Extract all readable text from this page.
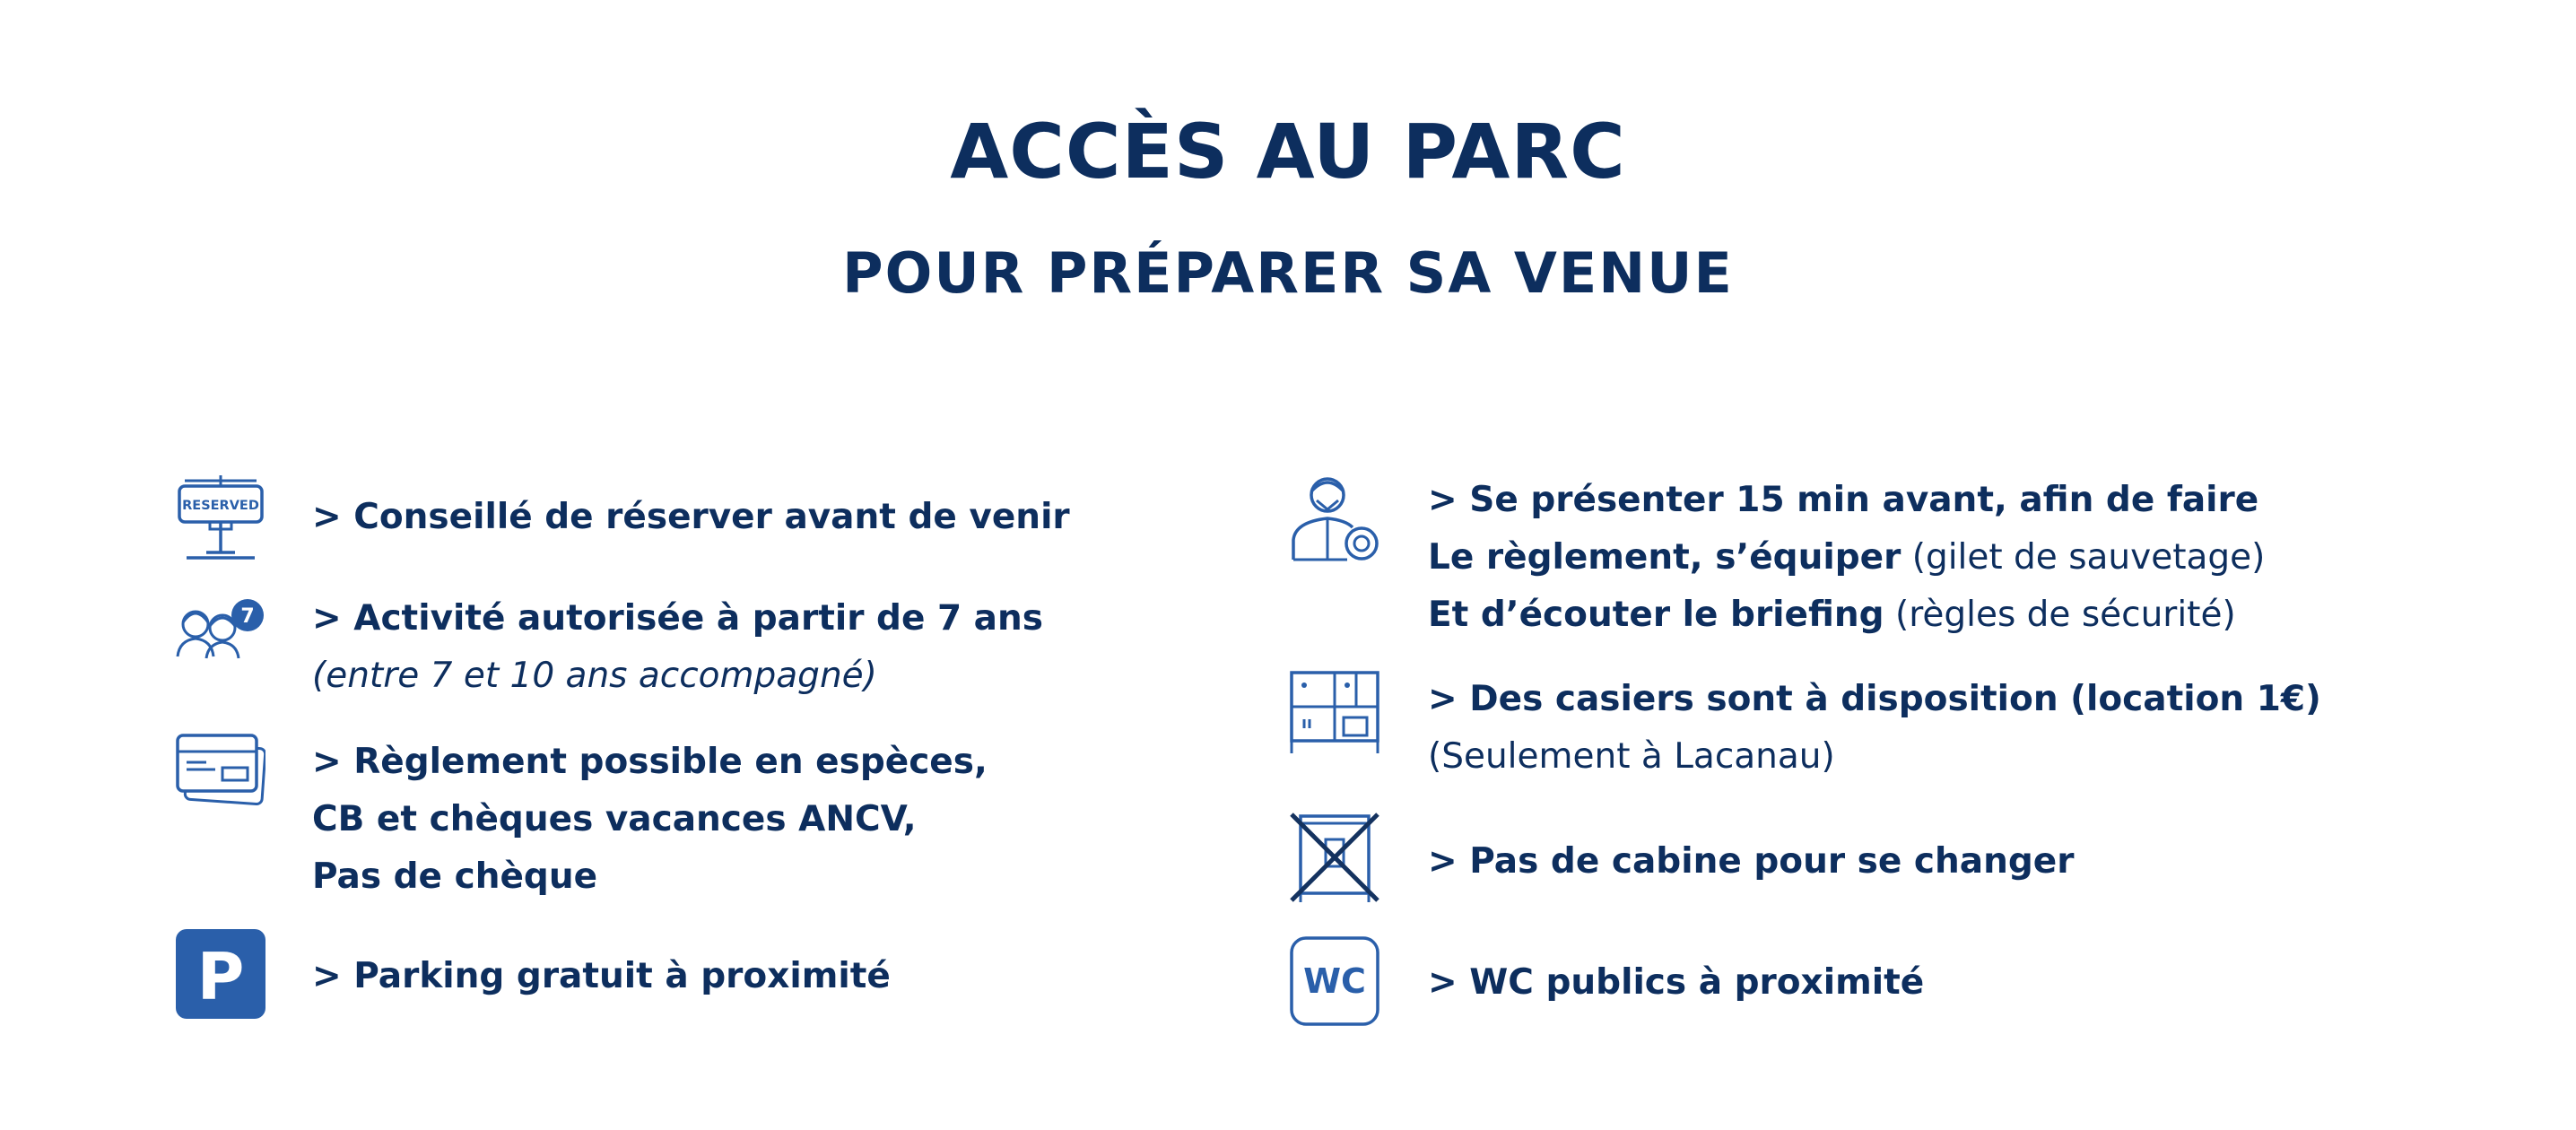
ACCÈS AU PARC
POUR PRÉPARER SA VENUE
RESERVED > Conseillé de réserver avant de venir
7 > Activité autorisée à partir de 7 ans
(entre 7 et 10 ans accompagné)
> Règlement possible en espèces,
CB et chèques vacances ANCV,
Pas de chèque
P > Parking gratuit à proximité
> Se présenter 15 min avant, afin de faire
Le règlement, s’équiper (gilet de sauvetage)
Et d’écouter le briefing (règles de sécurité)
> Des casiers sont à disposition (location 1€)
(Seulement à Lacanau)
> Pas de cabine pour se changer
WC > WC publics à proximité
